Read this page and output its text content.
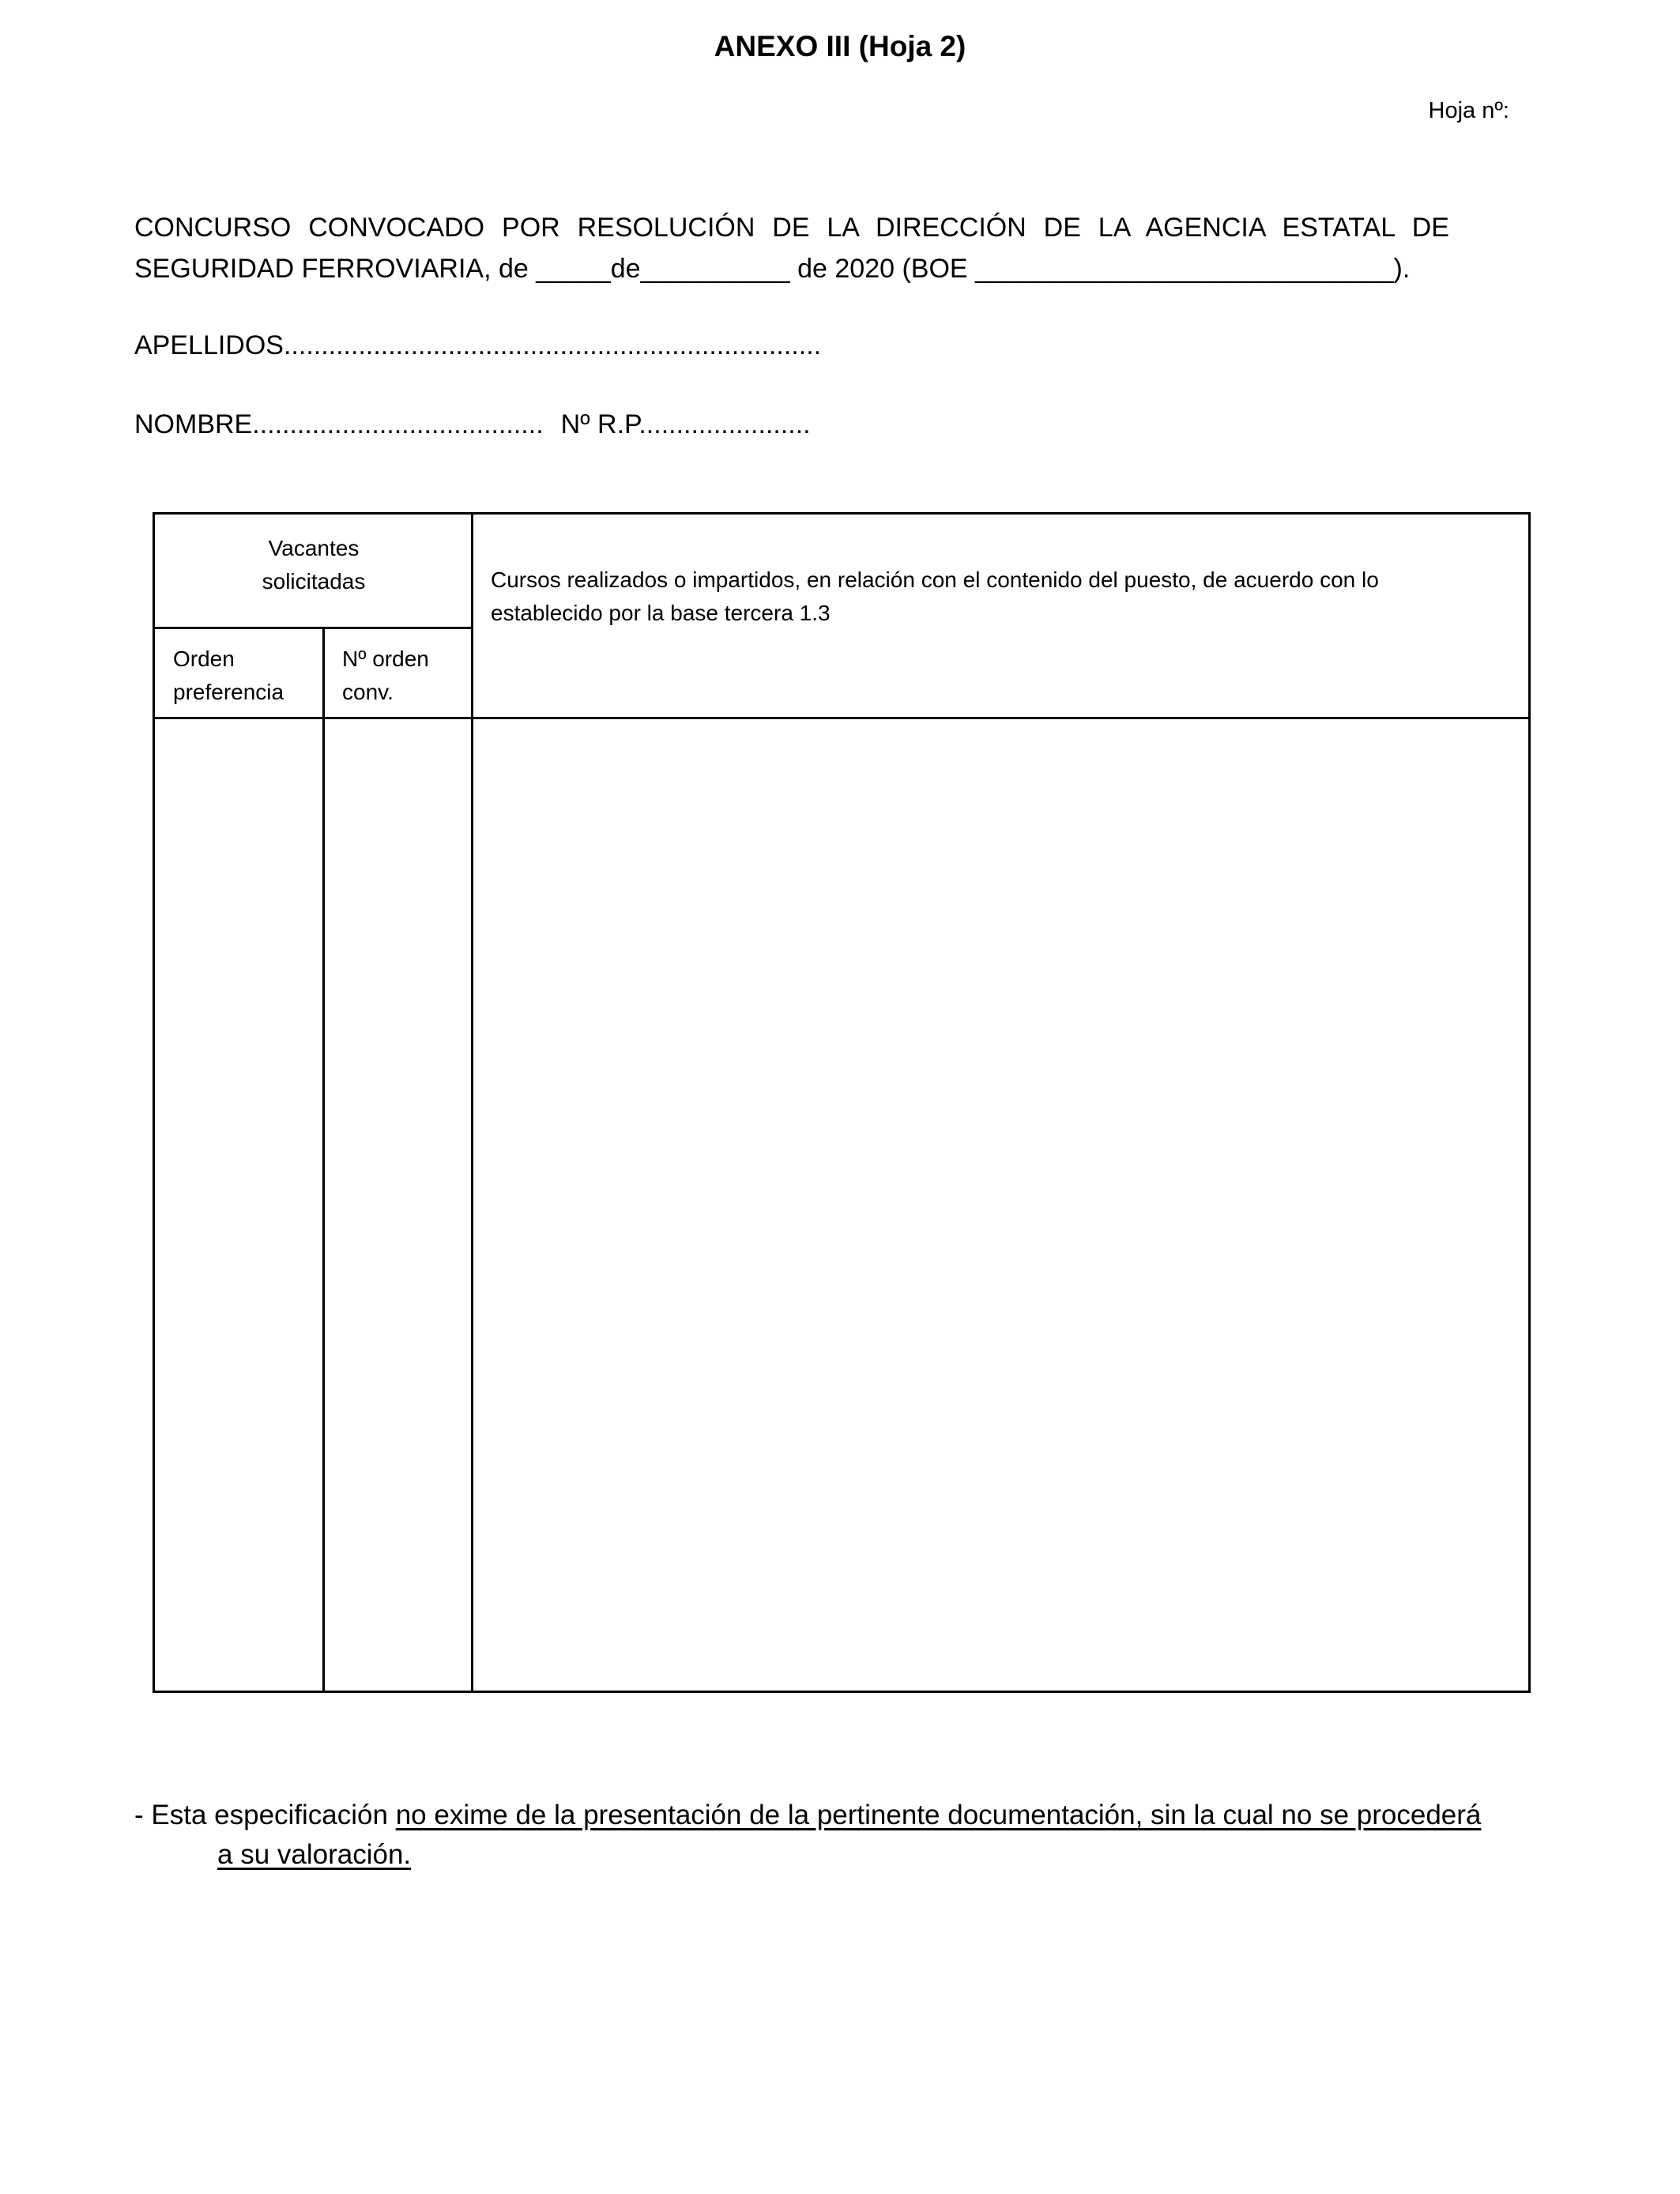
ANEXO III (Hoja 2)
Hoja nº:
CONCURSO CONVOCADO POR RESOLUCIÓN DE LA DIRECCIÓN DE LA AGENCIA ESTATAL DE
SEGURIDAD FERROVIARIA, de _____de__________ de 2020 (BOE ____________________________).
APELLIDOS........................................................................
NOMBRE....................................... Nº R.P.......................
Vacantes
solicitadas	Cursos realizados o impartidos, en relación con el contenido del puesto, de acuerdo con lo
establecido por la base tercera 1.3
Orden
preferencia
Nº orden
conv.
- Esta especificación no exime de la presentación de la pertinente documentación, sin la cual no se procederá
a su valoración.
